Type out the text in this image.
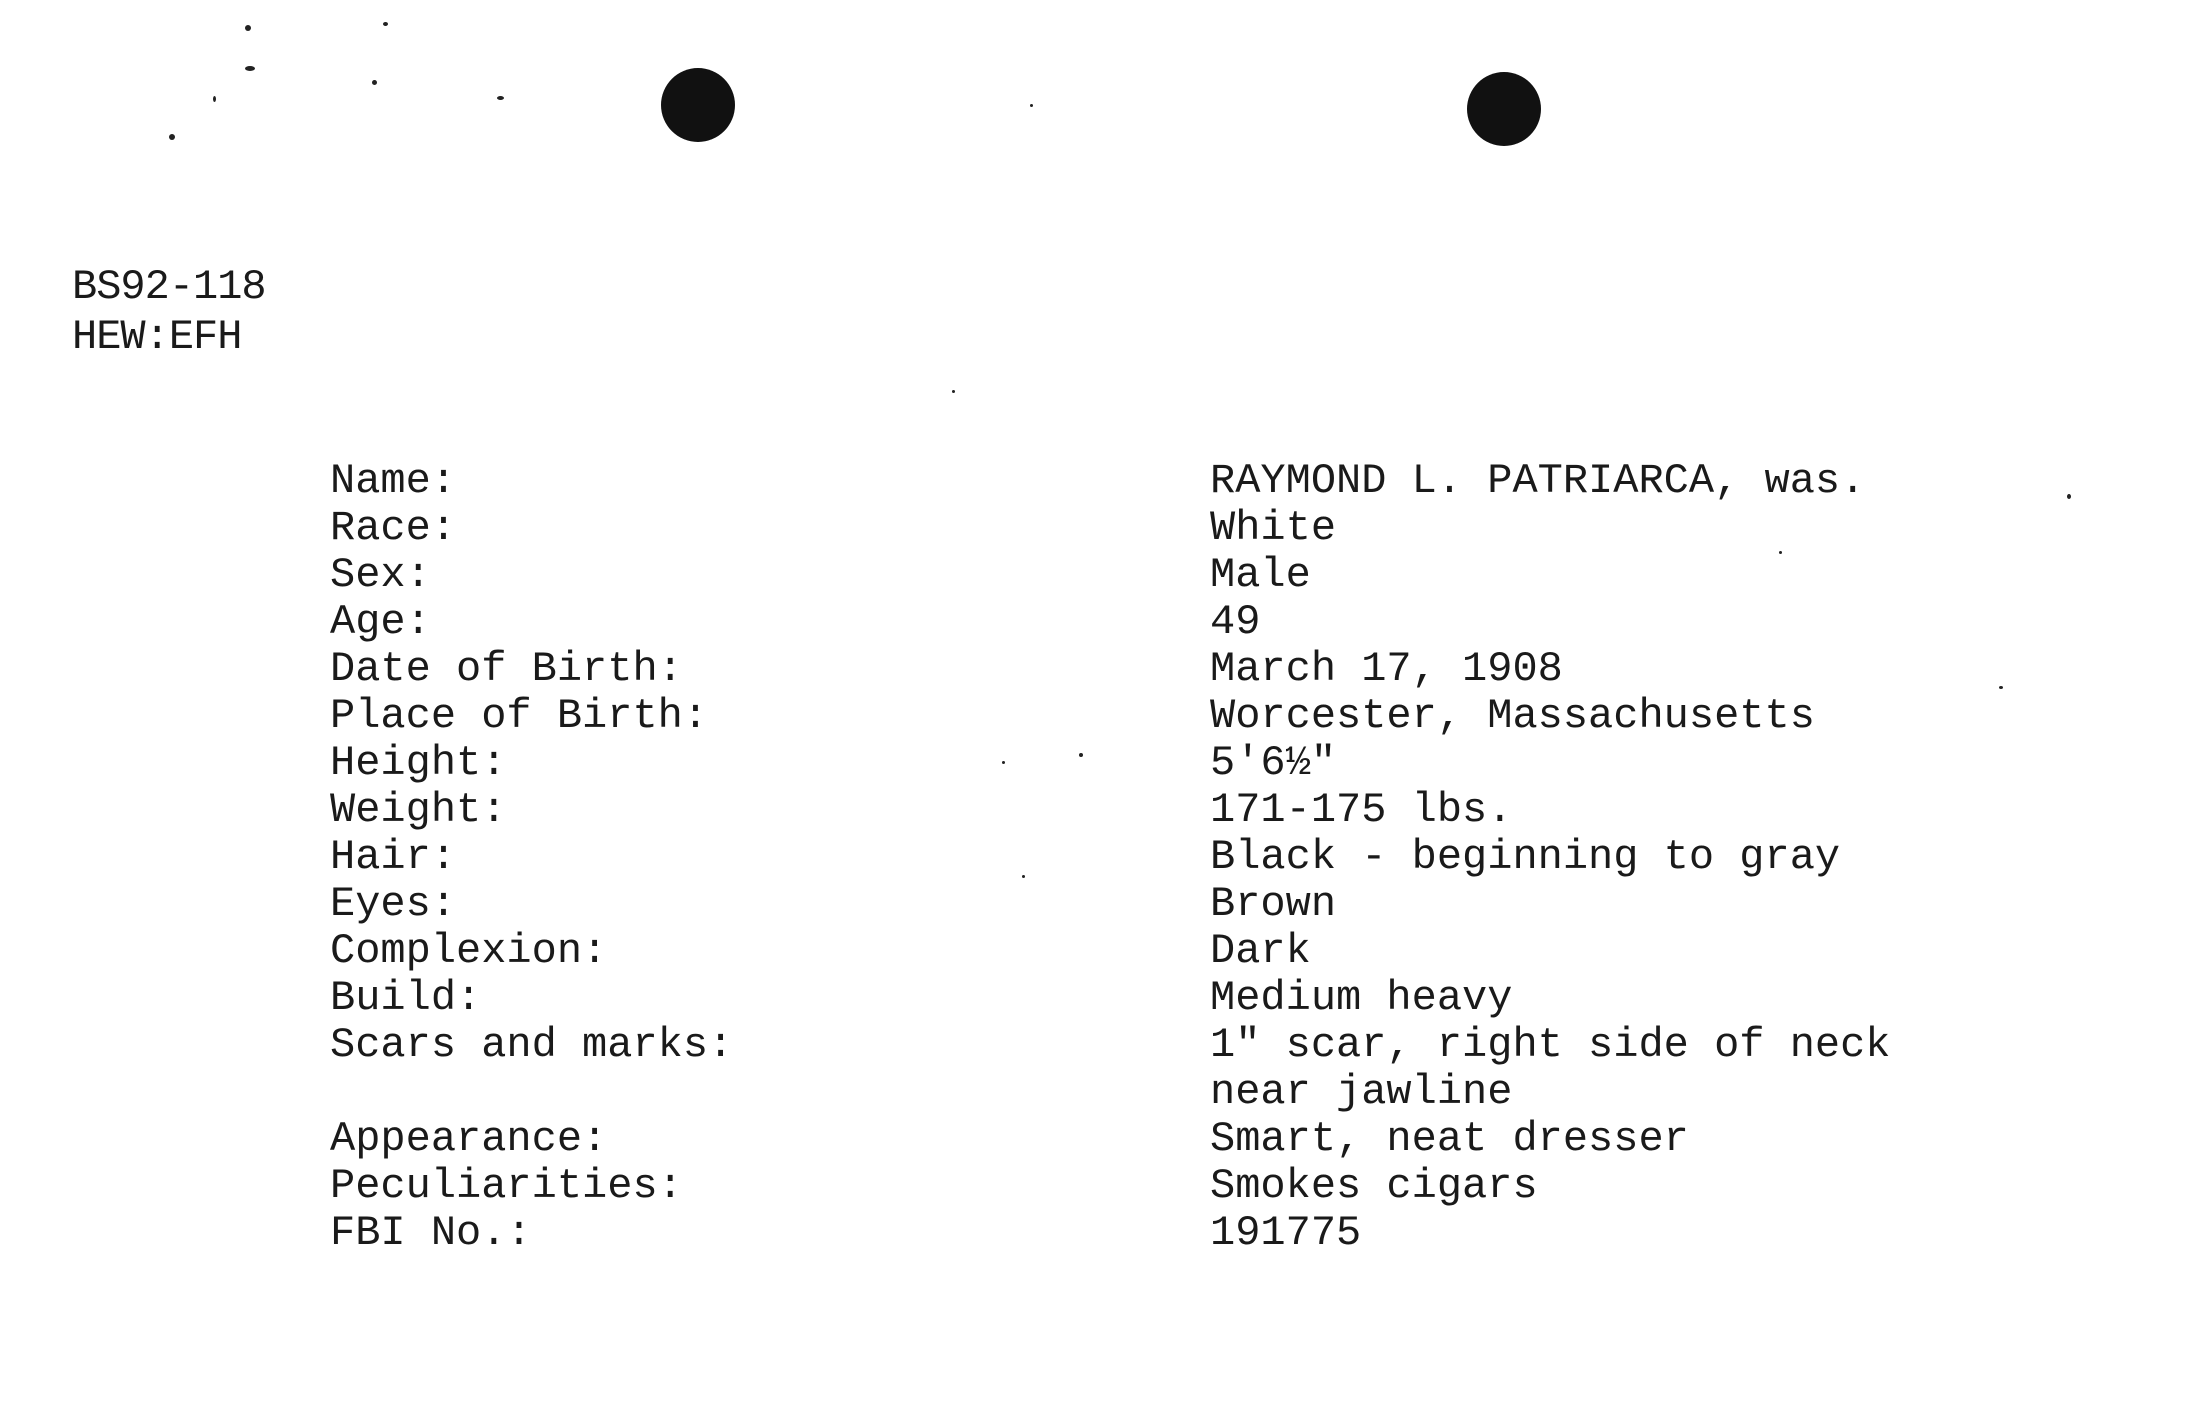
BS92-118
HEW:EFH
Name:	RAYMOND L. PATRIARCA, was.
Race:	White
Sex:	Male
Age:	49
Date of Birth:	March 17, 1908
Place of Birth:	Worcester, Massachusetts
Height:	5'6½"
Weight:	171-175 lbs.
Hair:	Black - beginning to gray
Eyes:	Brown
Complexion:	Dark
Build:	Medium heavy
Scars and marks:	1" scar, right side of neck
near jawline
Appearance:	Smart, neat dresser
Peculiarities:	Smokes cigars
FBI No.:	191775
